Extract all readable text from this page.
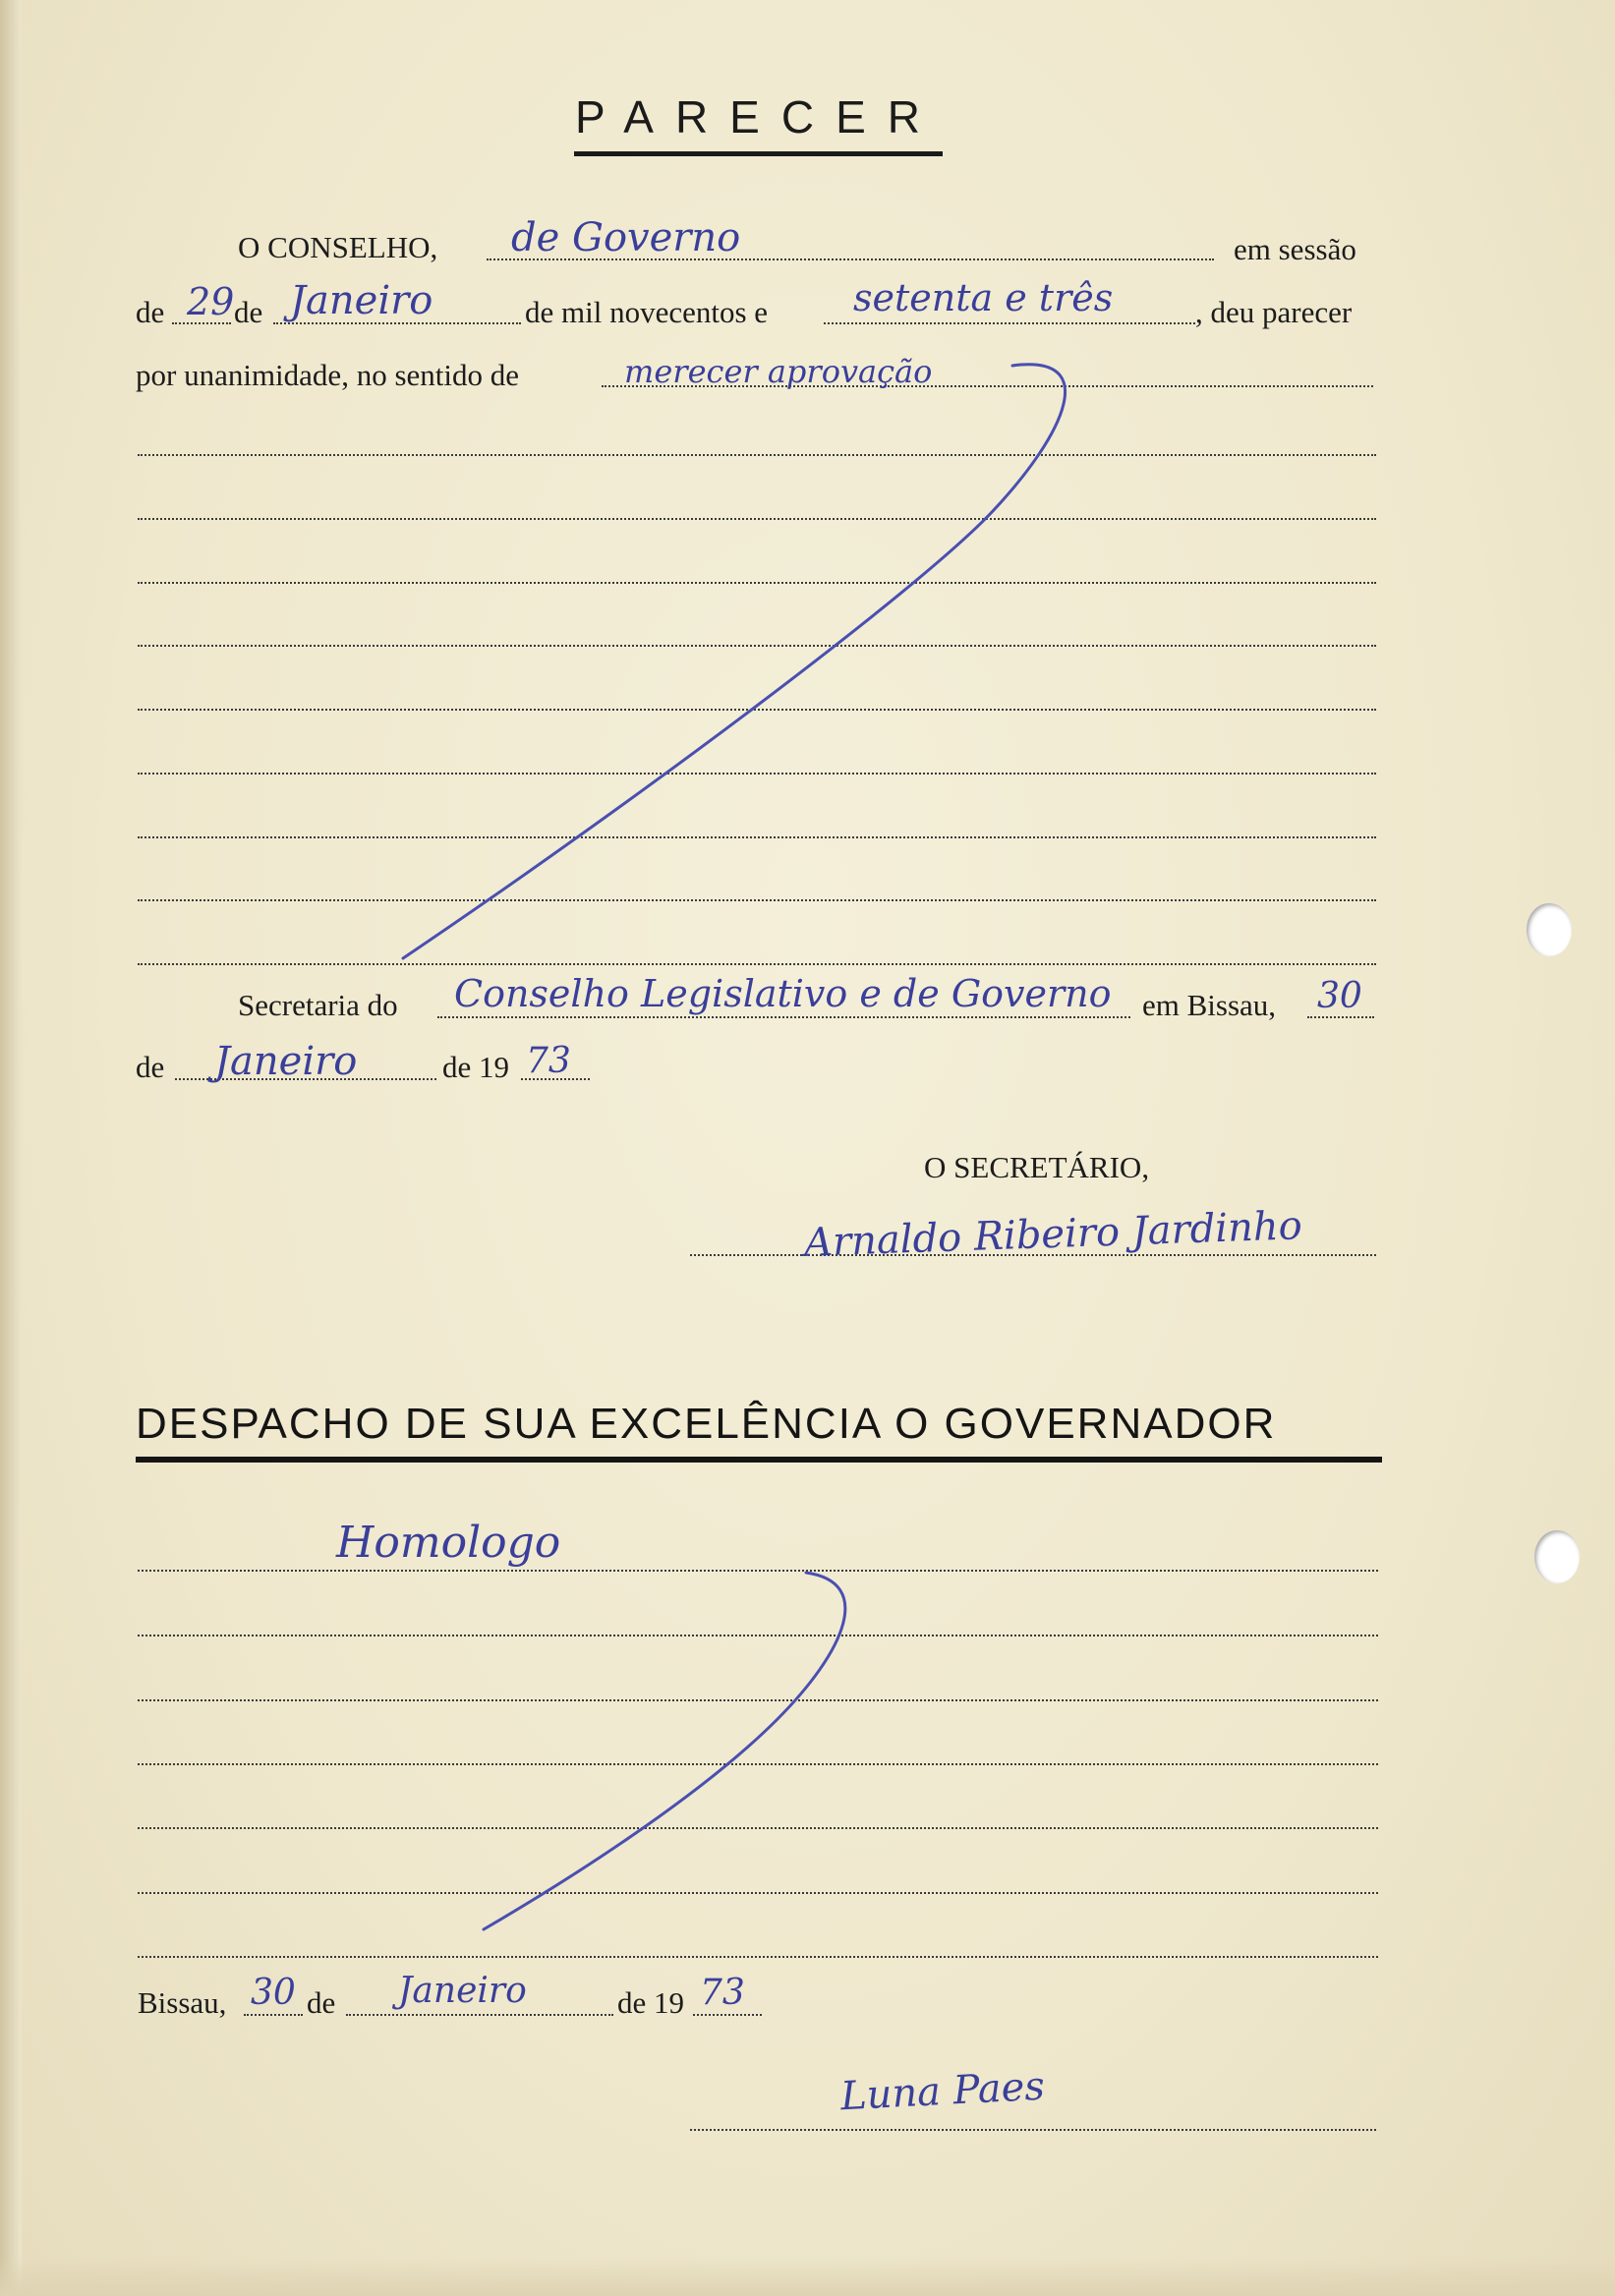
PARECER
O CONSELHO, de Governo	em sessão
de 29 de Janeiro	de mil novecentos e setenta e três	, deu parecer
por unanimidade, no sentido de	merecer aprovação
Secretaria do Conselho Legislativo e de Governo em Bissau, 30
de Janeiro	de 19 73
O SECRETÁRIO,
Arnaldo Ribeiro Jardinho
DESPACHO DE SUA EXCELÊNCIA O GOVERNADOR
Homologo
Bissau, 30 de Janeiro	de 19 73
Luna Paes
